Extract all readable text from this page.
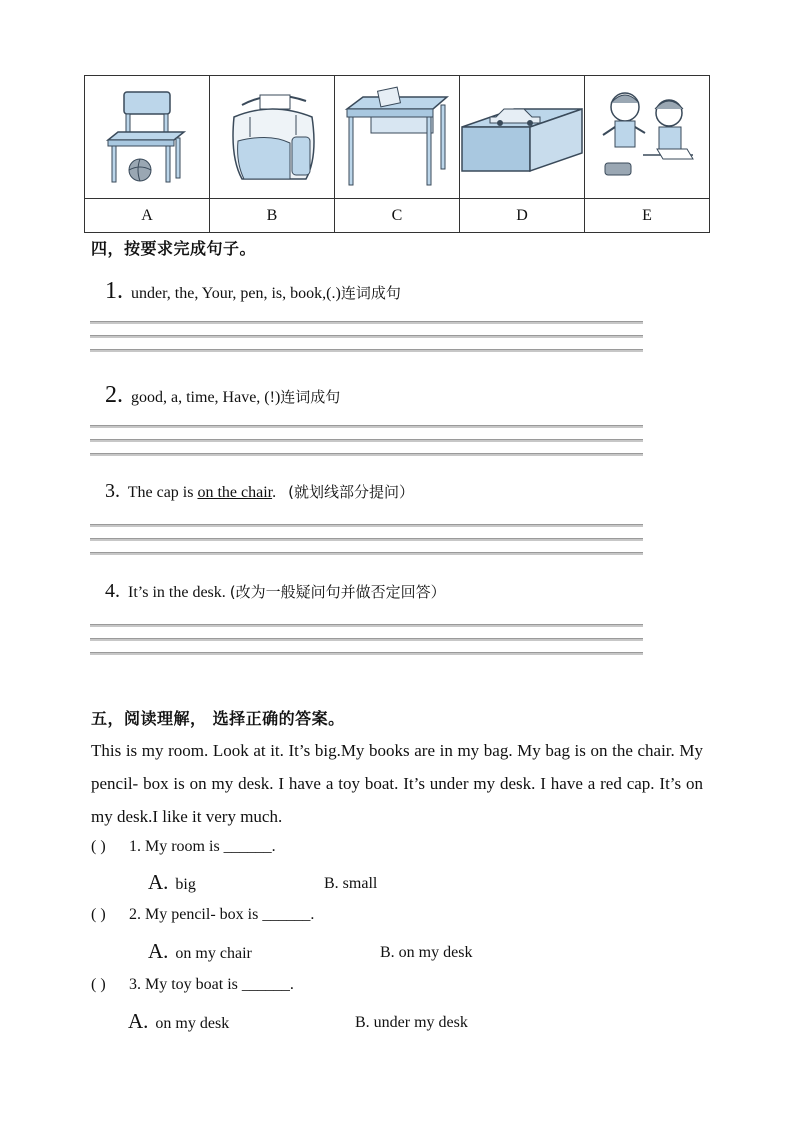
A	B	C	D	E
四，按要求完成句子。
1. under, the, Your, pen, is, book,(.)连词成句
2. good, a, time, Have, (!)连词成句
3. The cap is on the chair.   (就划线部分提问）
4. It’s in the desk. (改为一般疑问句并做否定回答）
五，阅读理解， 选择正确的答案。
This is my room. Look at it. It’s big.My books are in my bag. My bag is on the chair. My pencil- box is on my desk. I have a toy boat. It’s under my desk. I have a red cap. It’s on my desk.I like it very much.
( ) 1. My room is ______.
A. big	B. small
( ) 2. My pencil- box is ______.
A. on my chair	B. on my desk
( ) 3. My toy boat is ______.
A. on my desk	B. under my desk
